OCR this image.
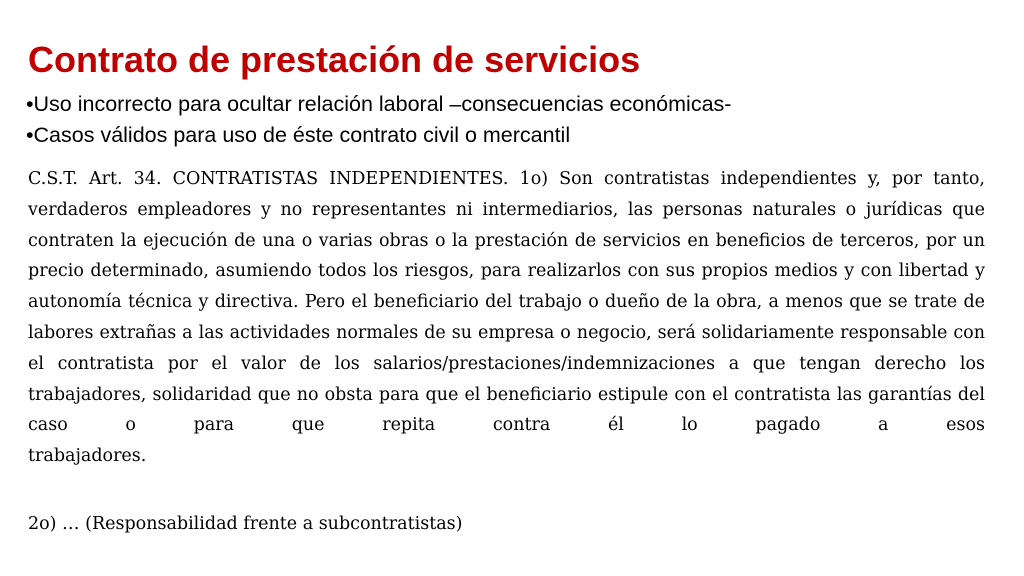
Contrato de prestación de servicios
•Uso incorrecto para ocultar relación laboral –consecuencias económicas-
•Casos válidos para uso de éste contrato civil o mercantil

C.S.T. Art. 34. CONTRATISTAS INDEPENDIENTES. 1o) Son contratistas independientes y, por tanto, verdaderos empleadores y no representantes ni intermediarios, las personas naturales o jurídicas que contraten la ejecución de una o varias obras o la prestación de servicios en beneficios de terceros, por un precio determinado, asumiendo todos los riesgos, para realizarlos con sus propios medios y con libertad y autonomía técnica y directiva. Pero el beneficiario del trabajo o dueño de la obra, a menos que se trate de labores extrañas a las actividades normales de su empresa o negocio, será solidariamente responsable con el contratista por el valor de los salarios/prestaciones/indemnizaciones a que tengan derecho los trabajadores, solidaridad que no obsta para que el beneficiario estipule con el contratista las garantías del caso o para que repita contra él lo pagado a esos
trabajadores.

2o) … (Responsabilidad frente a subcontratistas)
